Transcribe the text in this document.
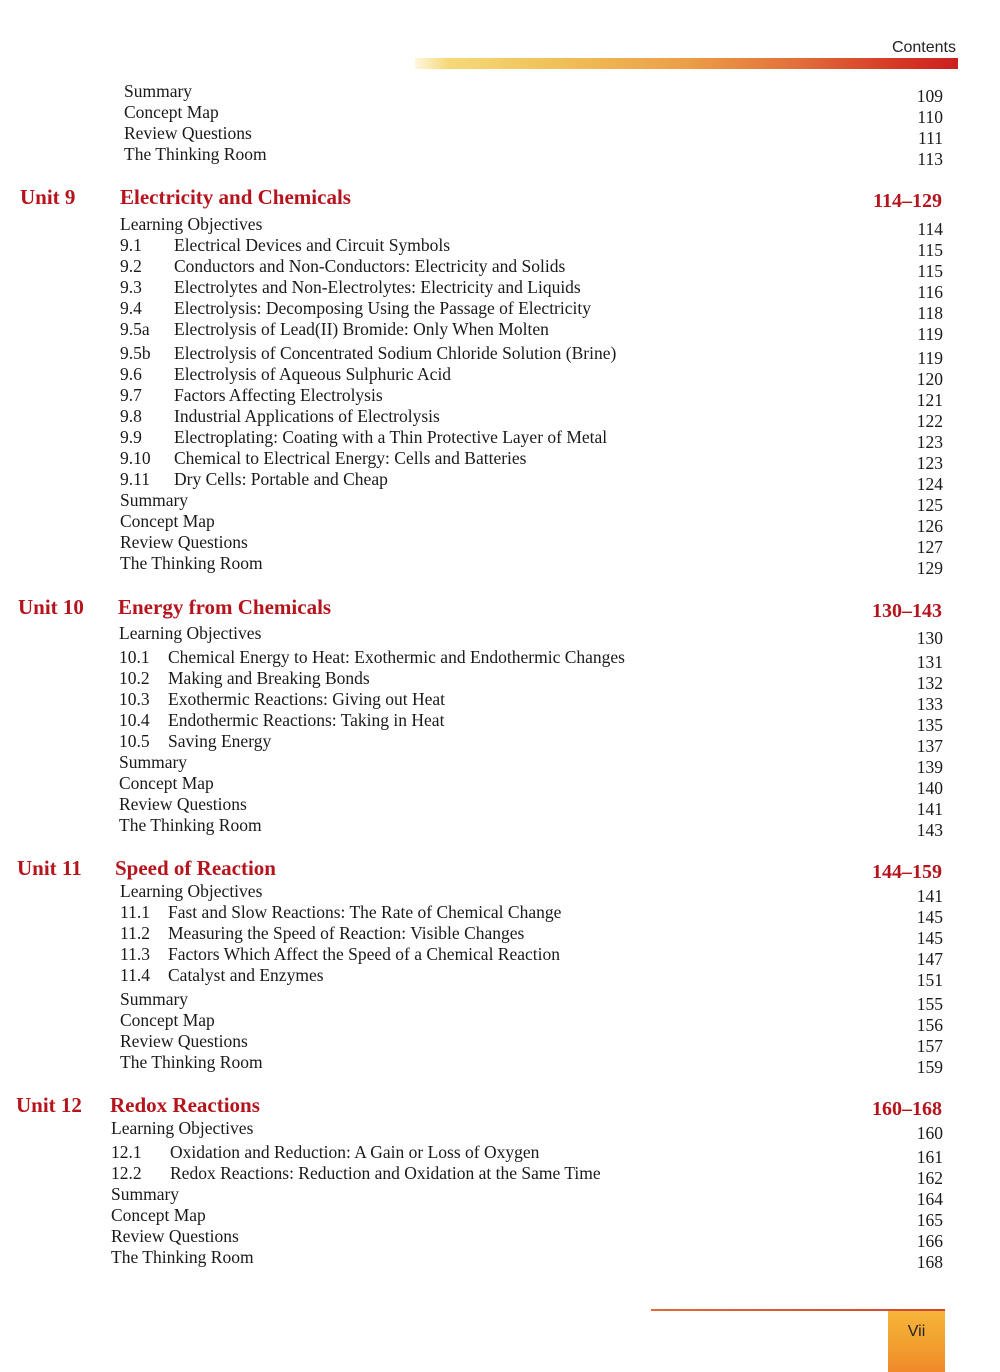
Contents
Summary	109
Concept Map	110
Review Questions	111
The Thinking Room	113
Unit 9 Electricity and Chemicals	114–129
Learning Objectives	114
9.1 Electrical Devices and Circuit Symbols	115
9.2 Conductors and Non-Conductors: Electricity and Solids	115
9.3 Electrolytes and Non-Electrolytes: Electricity and Liquids	116
9.4 Electrolysis: Decomposing Using the Passage of Electricity	118
9.5a Electrolysis of Lead(II) Bromide: Only When Molten	119
9.5b Electrolysis of Concentrated Sodium Chloride Solution (Brine)	119
9.6 Electrolysis of Aqueous Sulphuric Acid	120
9.7 Factors Affecting Electrolysis	121
9.8 Industrial Applications of Electrolysis	122
9.9 Electroplating: Coating with a Thin Protective Layer of Metal	123
9.10 Chemical to Electrical Energy: Cells and Batteries	123
9.11 Dry Cells: Portable and Cheap	124
Summary	125
Concept Map	126
Review Questions	127
The Thinking Room	129
Unit 10 Energy from Chemicals	130–143
Learning Objectives	130
10.1 Chemical Energy to Heat: Exothermic and Endothermic Changes	131
10.2 Making and Breaking Bonds	132
10.3 Exothermic Reactions: Giving out Heat	133
10.4 Endothermic Reactions: Taking in Heat	135
10.5 Saving Energy	137
Summary	139
Concept Map	140
Review Questions	141
The Thinking Room	143
Unit 11 Speed of Reaction	144–159
Learning Objectives	141
11.1 Fast and Slow Reactions: The Rate of Chemical Change	145
11.2 Measuring the Speed of Reaction: Visible Changes	145
11.3 Factors Which Affect the Speed of a Chemical Reaction	147
11.4 Catalyst and Enzymes	151
Summary	155
Concept Map	156
Review Questions	157
The Thinking Room	159
Unit 12 Redox Reactions	160–168
Learning Objectives	160
12.1 Oxidation and Reduction: A Gain or Loss of Oxygen	161
12.2 Redox Reactions: Reduction and Oxidation at the Same Time	162
Summary	164
Concept Map	165
Review Questions	166
The Thinking Room	168
Vii
